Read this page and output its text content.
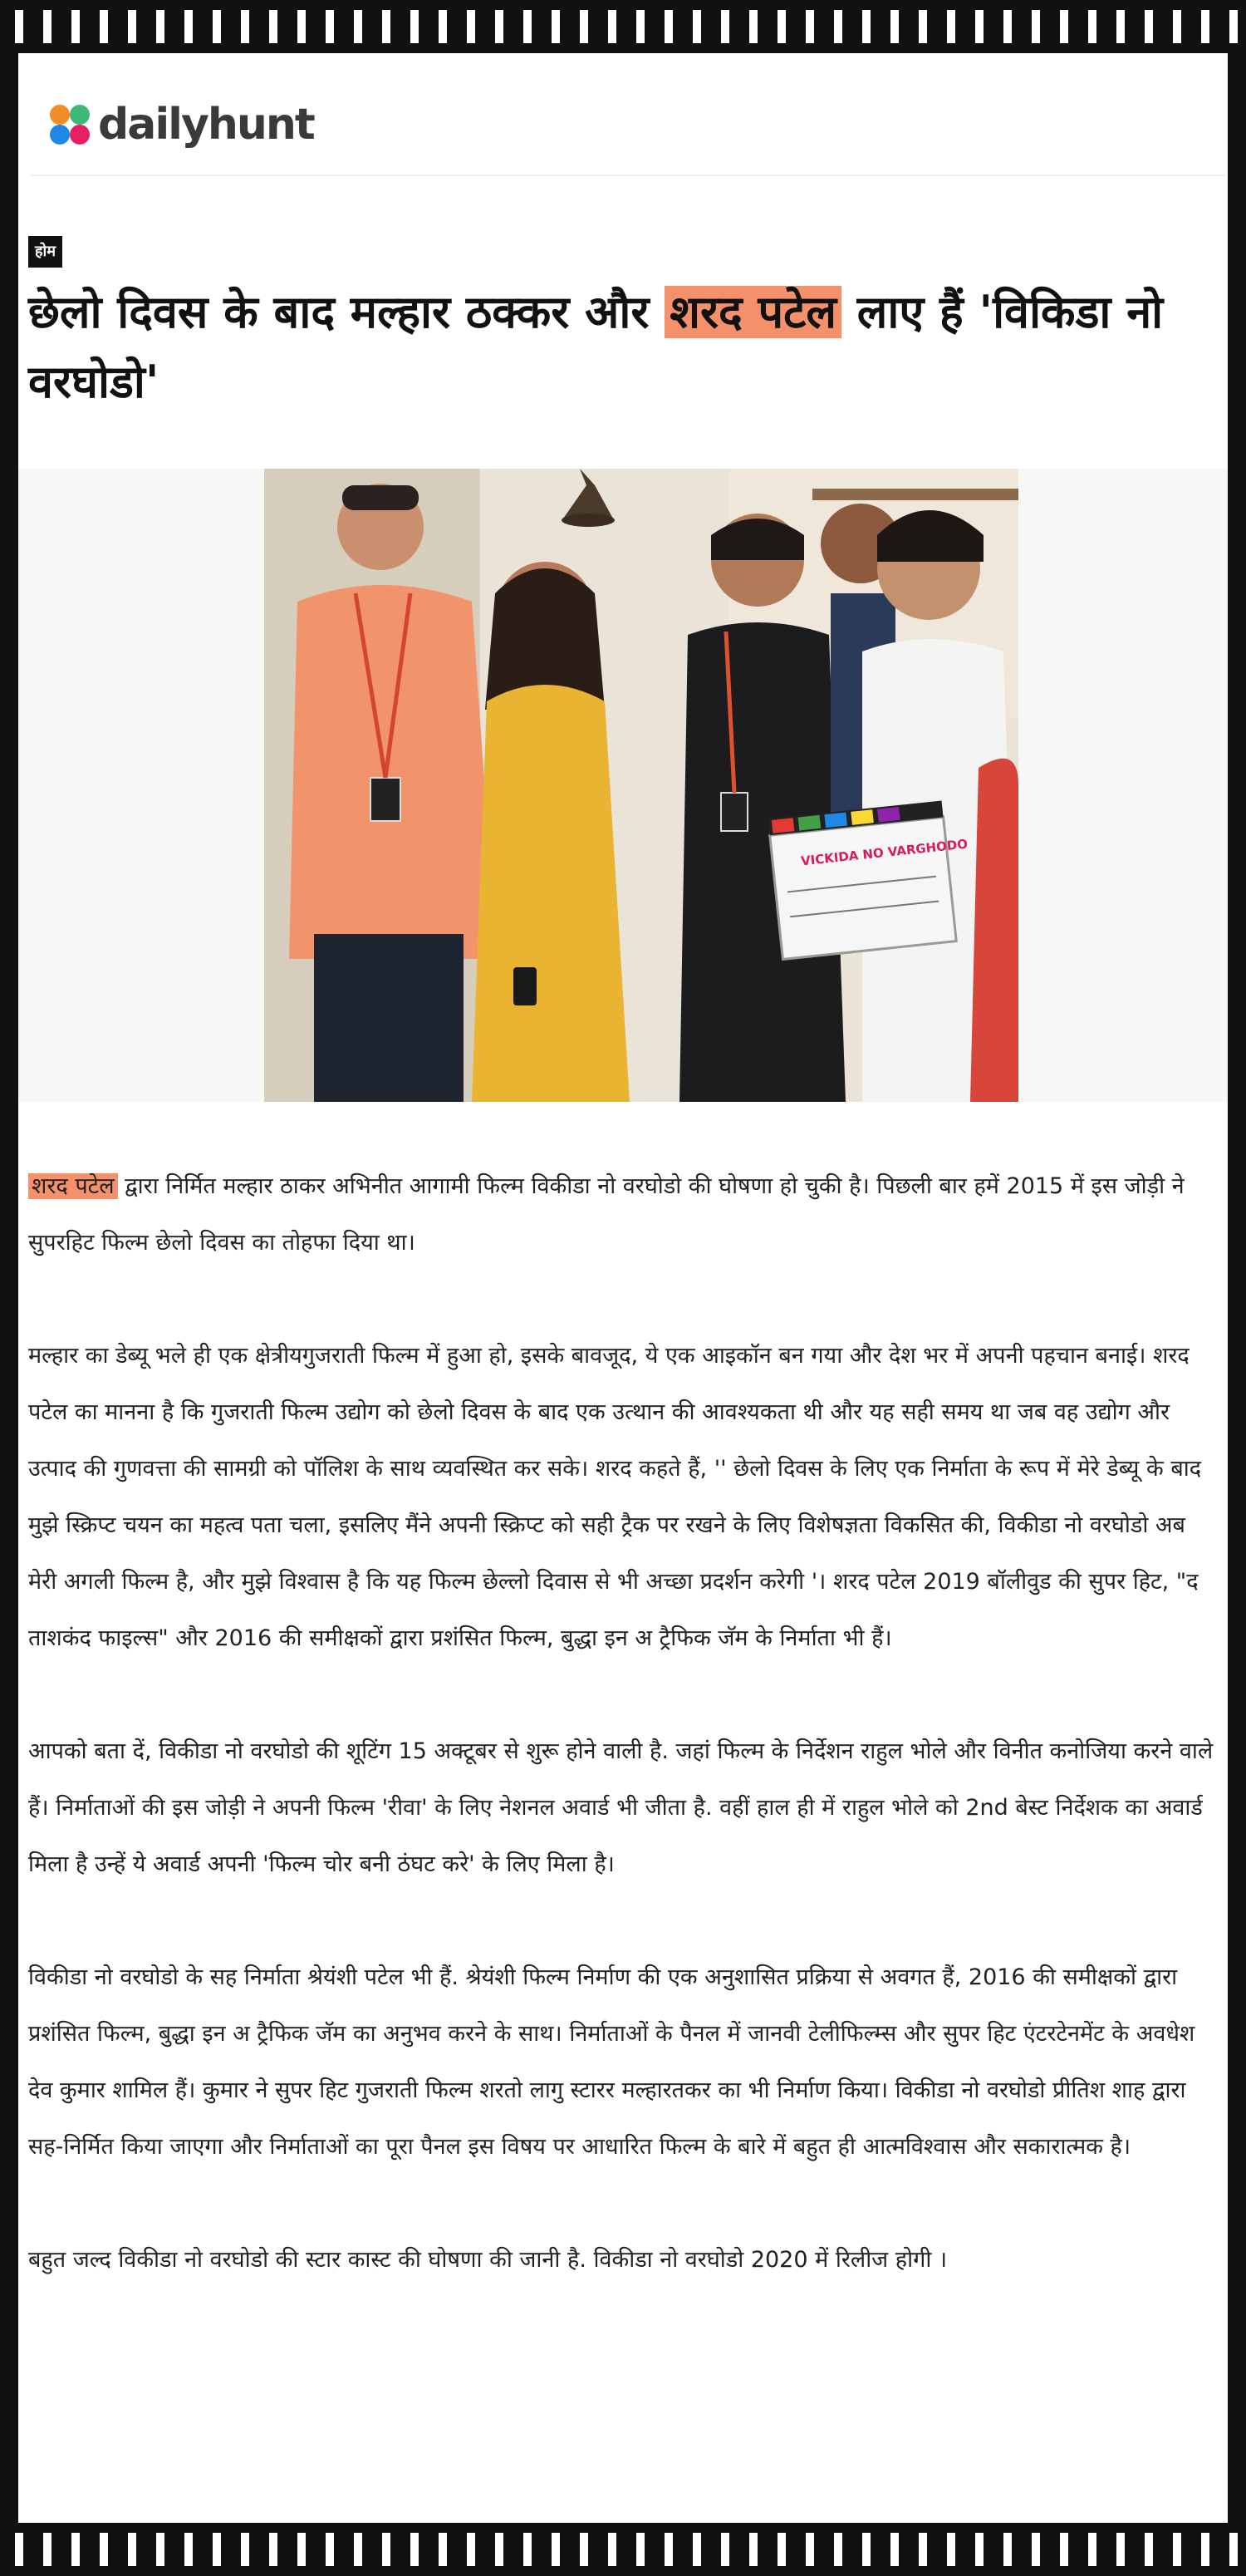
dailyhunt
होम
छेलो दिवस के बाद मल्हार ठक्कर और शरद पटेल लाए हैं 'विकिडा नो वरघोडो'
VICKIDA NO VARGHODO

शरद पटेल द्वारा निर्मित मल्हार ठाकर अभिनीत आगामी फिल्म विकीडा नो वरघोडो की घोषणा हो चुकी है। पिछली बार हमें 2015 में इस जोड़ी ने सुपरहिट फिल्म छेलो दिवस का तोहफा दिया था।

मल्हार का डेब्यू भले ही एक क्षेत्रीयगुजराती फिल्म में हुआ हो, इसके बावजूद, ये एक आइकॉन बन गया और देश भर में अपनी पहचान बनाई। शरद पटेल का मानना है कि गुजराती फिल्म उद्योग को छेलो दिवस के बाद एक उत्थान की आवश्यकता थी और यह सही समय था जब वह उद्योग और उत्पाद की गुणवत्ता की सामग्री को पॉलिश के साथ व्यवस्थित कर सके। शरद कहते हैं, '' छेलो दिवस के लिए एक निर्माता के रूप में मेरे डेब्यू के बाद मुझे स्क्रिप्ट चयन का महत्व पता चला, इसलिए मैंने अपनी स्क्रिप्ट को सही ट्रैक पर रखने के लिए विशेषज्ञता विकसित की, विकीडा नो वरघोडो अब मेरी अगली फिल्म है, और मुझे विश्वास है कि यह फिल्म छेल्लो दिवास से भी अच्छा प्रदर्शन करेगी '। शरद पटेल 2019 बॉलीवुड की सुपर हिट, "द ताशकंद फाइल्स" और 2016 की समीक्षकों द्वारा प्रशंसित फिल्म, बुद्धा इन अ ट्रैफिक जॅम के निर्माता भी हैं।

आपको बता दें, विकीडा नो वरघोडो की शूटिंग 15 अक्टूबर से शुरू होने वाली है. जहां फिल्म के निर्देशन राहुल भोले और विनीत कनोजिया करने वाले हैं। निर्माताओं की इस जोड़ी ने अपनी फिल्म 'रीवा' के लिए नेशनल अवार्ड भी जीता है. वहीं हाल ही में राहुल भोले को 2nd बेस्ट निर्देशक का अवार्ड मिला है उन्हें ये अवार्ड अपनी 'फिल्म चोर बनी ठंघट करे' के लिए मिला है।

विकीडा नो वरघोडो के सह निर्माता श्रेयंशी पटेल भी हैं. श्रेयंशी फिल्म निर्माण की एक अनुशासित प्रक्रिया से अवगत हैं, 2016 की समीक्षकों द्वारा प्रशंसित फिल्म, बुद्धा इन अ ट्रैफिक जॅम का अनुभव करने के साथ। निर्माताओं के पैनल में जानवी टेलीफिल्म्स और सुपर हिट एंटरटेनमेंट के अवधेश देव कुमार शामिल हैं। कुमार ने सुपर हिट गुजराती फिल्म शरतो लागु स्टारर मल्हारतकर का भी निर्माण किया। विकीडा नो वरघोडो प्रीतिश शाह द्वारा सह-निर्मित किया जाएगा और निर्माताओं का पूरा पैनल इस विषय पर आधारित फिल्म के बारे में बहुत ही आत्मविश्वास और सकारात्मक है।

बहुत जल्द विकीडा नो वरघोडो की स्टार कास्ट की घोषणा की जानी है. विकीडा नो वरघोडो 2020 में रिलीज होगी ।
